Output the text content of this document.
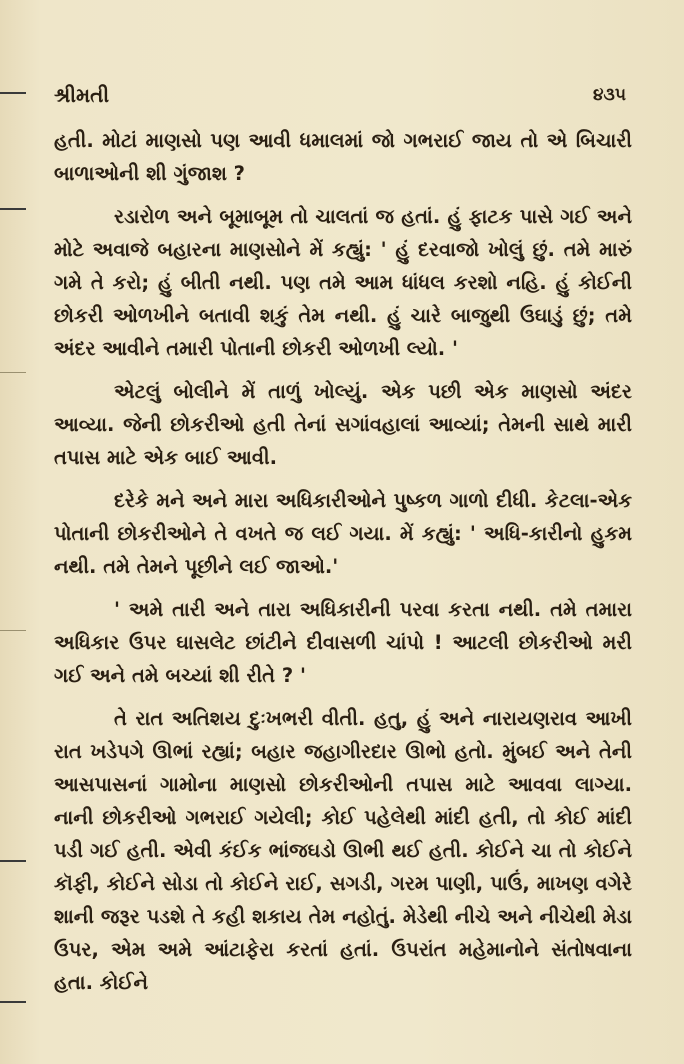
શ્રીમતી	૪૩૫

હતી. મોટાં માણસો પણ આવી ધમાલમાં જો ગભરાઈ જાય તો એ બિચારી બાળાઓની શી ગુંજાશ ?

રડારોળ અને બૂમાબૂમ તો ચાલતાં જ હતાં. હું ફાટક પાસે ગઈ અને મોટે અવાજે બહારના માણસોને મેં કહ્યું: ' હું દરવાજો ખોલું છું. તમે મારું ગમે તે કરો; હું બીતી નથી. પણ તમે આમ ધાંધલ કરશો નહિ. હું કોઈની છોકરી ઓળખીને બતાવી શકું તેમ નથી. હું ચારે બાજુથી ઉઘાડું છું; તમે અંદર આવીને તમારી પોતાની છોકરી ઓળખી લ્યો. '

એટલું બોલીને મેં તાળું ખોલ્યું. એક પછી એક માણસો અંદર આવ્યા. જેની છોકરીઓ હતી તેનાં સગાંવહાલાં આવ્યાં; તેમની સાથે મારી તપાસ માટે એક બાઈ આવી.

દરેકે મને અને મારા અધિકારીઓને પુષ્કળ ગાળો દીધી. કેટલા-એક પોતાની છોકરીઓને તે વખતે જ લઈ ગયા. મેં કહ્યું: ' અધિ-કારીનો હુકમ નથી. તમે તેમને પૂછીને લઈ જાઓ.'

' અમે તારી અને તારા અધિકારીની પરવા કરતા નથી. તમે તમારા અધિકાર ઉપર ઘાસલેટ છાંટીને દીવાસળી ચાંપો ! આટલી છોકરીઓ મરી ગઈ અને તમે બચ્યાં શી રીતે ? '

તે રાત અતિશય દુઃખભરી વીતી. હતુ, હું અને નારાયણરાવ આખી રાત ખડેપગે ઊભાં રહ્યાં; બહાર જહાગીરદાર ઊભો હતો. મુંબઈ અને તેની આસપાસનાં ગામોના માણસો છોકરીઓની તપાસ માટે આવવા લાગ્યા. નાની છોકરીઓ ગભરાઈ ગયેલી; કોઈ પહેલેથી માંદી હતી, તો કોઈ માંદી પડી ગઈ હતી. એવી કંઈક ભાંજઘડો ઊભી થઈ હતી. કોઈને ચા તો કોઈને કૉફી, કોઈને સોડા તો કોઈને રાઈ, સગડી, ગરમ પાણી, પાઉં, માખણ વગેરે શાની જરૂર પડશે તે કહી શકાય તેમ નહોતું. મેડેથી નીચે અને નીચેથી મેડા ઉપર, એમ અમે આંટાફેરા કરતાં હતાં. ઉપરાંત મહેમાનોને સંતોષવાના હતા. કોઈને
